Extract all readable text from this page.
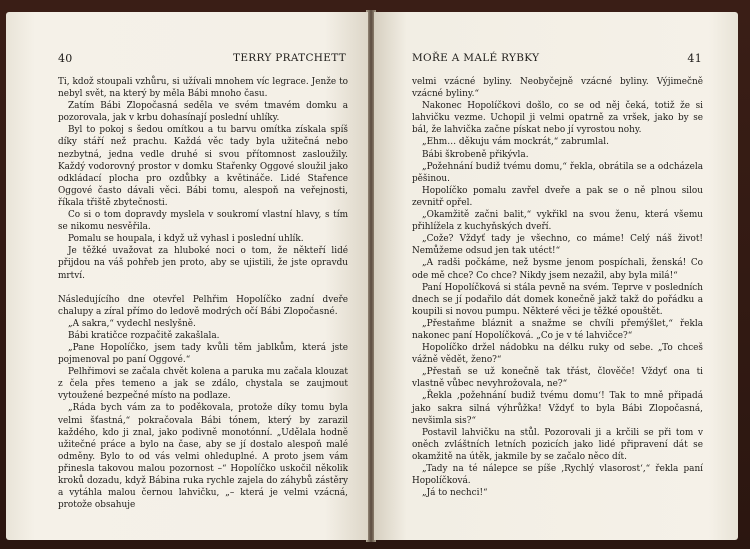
40	TERRY PRATCHETT

Ti, kdož stoupali vzhůru, si užívali mnohem víc legrace. Jenže to nebyl svět, na který by měla Bábi mnoho času.

Zatím Bábi Zlopočasná seděla ve svém tmavém domku a pozorovala, jak v krbu dohasínají poslední uhlíky.

Byl to pokoj s šedou omítkou a tu barvu omítka získala spíš díky stáří než prachu. Každá věc tady byla užitečná nebo nezbytná, jedna vedle druhé si svou přítomnost zasloužily. Každý vodorovný prostor v domku Stařenky Oggové sloužil jako odkládací plocha pro ozdůbky a květináče. Lidé Stařence Oggové často dávali věci. Bábi tomu, alespoň na veřejnosti, říkala třiště zbytečnosti.

Co si o tom dopravdy myslela v soukromí vlastní hlavy, s tím se nikomu nesvěřila.

Pomalu se houpala, i když už vyhasl i poslední uhlík.

Je těžké uvažovat za hluboké noci o tom, že někteří lidé přijdou na váš pohřeb jen proto, aby se ujistili, že jste opravdu mrtví.

Následujícího dne otevřel Pelhřim Hopolíčko zadní dveře chalupy a zíral přímo do ledově modrých očí Bábi Zlopočasné.

„A sakra,“ vydechl neslyšně.

Bábi kratičce rozpačitě zakašlala.

„Pane Hopolíčko, jsem tady kvůli těm jablkům, která jste pojmenoval po paní Oggové.“

Pelhřimovi se začala chvět kolena a paruka mu začala klouzat z čela přes temeno a jak se zdálo, chystala se zaujmout vytoužené bezpečné místo na podlaze.

„Ráda bych vám za to poděkovala, protože díky tomu byla velmi šťastná,“ pokračovala Bábi tónem, který by zarazil každého, kdo ji znal, jako podivně monotónní. „Udělala hodně užitečné práce a bylo na čase, aby se jí dostalo alespoň malé odměny. Bylo to od vás velmi ohleduplné. A proto jsem vám přinesla takovou malou pozornost –“ Hopolíčko uskočil několik kroků dozadu, když Bábina ruka rychle zajela do záhybů zástěry a vytáhla malou černou lahvičku, „– která je velmi vzácná, protože obsahuje

MOŘE A MALÉ RYBKY	41

velmi vzácné byliny. Neobyčejně vzácné byliny. Výjimečně vzácné byliny.“

Nakonec Hopolíčkovi došlo, co se od něj čeká, totiž že si lahvičku vezme. Uchopil ji velmi opatrně za vršek, jako by se bál, že lahvička začne pískat nebo jí vyrostou nohy.

„Ehm… děkuju vám mockrát,“ zabrumlal.

Bábi škrobeně přikývla.

„Požehnání budiž tvému domu,“ řekla, obrátila se a odcházela pěšinou.

Hopolíčko pomalu zavřel dveře a pak se o ně plnou silou zevnitř opřel.

„Okamžitě začni balit,“ vykřikl na svou ženu, která všemu přihlížela z kuchyňských dveří.

„Cože? Vždyť tady je všechno, co máme! Celý náš život! Nemůžeme odsud jen tak utéct!“

„A radši počkáme, než bysme jenom pospíchali, ženská! Co ode mě chce? Co chce? Nikdy jsem nezažil, aby byla milá!“

Paní Hopolíčková si stála pevně na svém. Teprve v posledních dnech se jí podařilo dát domek konečně jakž takž do pořádku a koupili si novou pumpu. Některé věci je těžké opouštět.

„Přestaňme bláznit a snažme se chvíli přemýšlet,“ řekla nakonec paní Hopolíčková. „Co je v té lahvičce?“

Hopolíčko držel nádobku na délku ruky od sebe. „To chceš vážně vědět, ženo?“

„Přestaň se už konečně tak třást, člověče! Vždyť ona ti vlastně vůbec nevyhrožovala, ne?“

„Řekla ‚požehnání budiž tvému domu‘! Tak to mně připadá jako sakra silná výhrůžka! Vždyť to byla Bábi Zlopočasná, nevšimla sis?“

Postavil lahvičku na stůl. Pozorovali ji a krčili se při tom v oněch zvláštních letních pozicích jako lidé připravení dát se okamžitě na útěk, jakmile by se začalo něco dít.

„Tady na té nálepce se píše ‚Rychlý vlasorost‘,“ řekla paní Hopolíčková.

„Já to nechci!“
